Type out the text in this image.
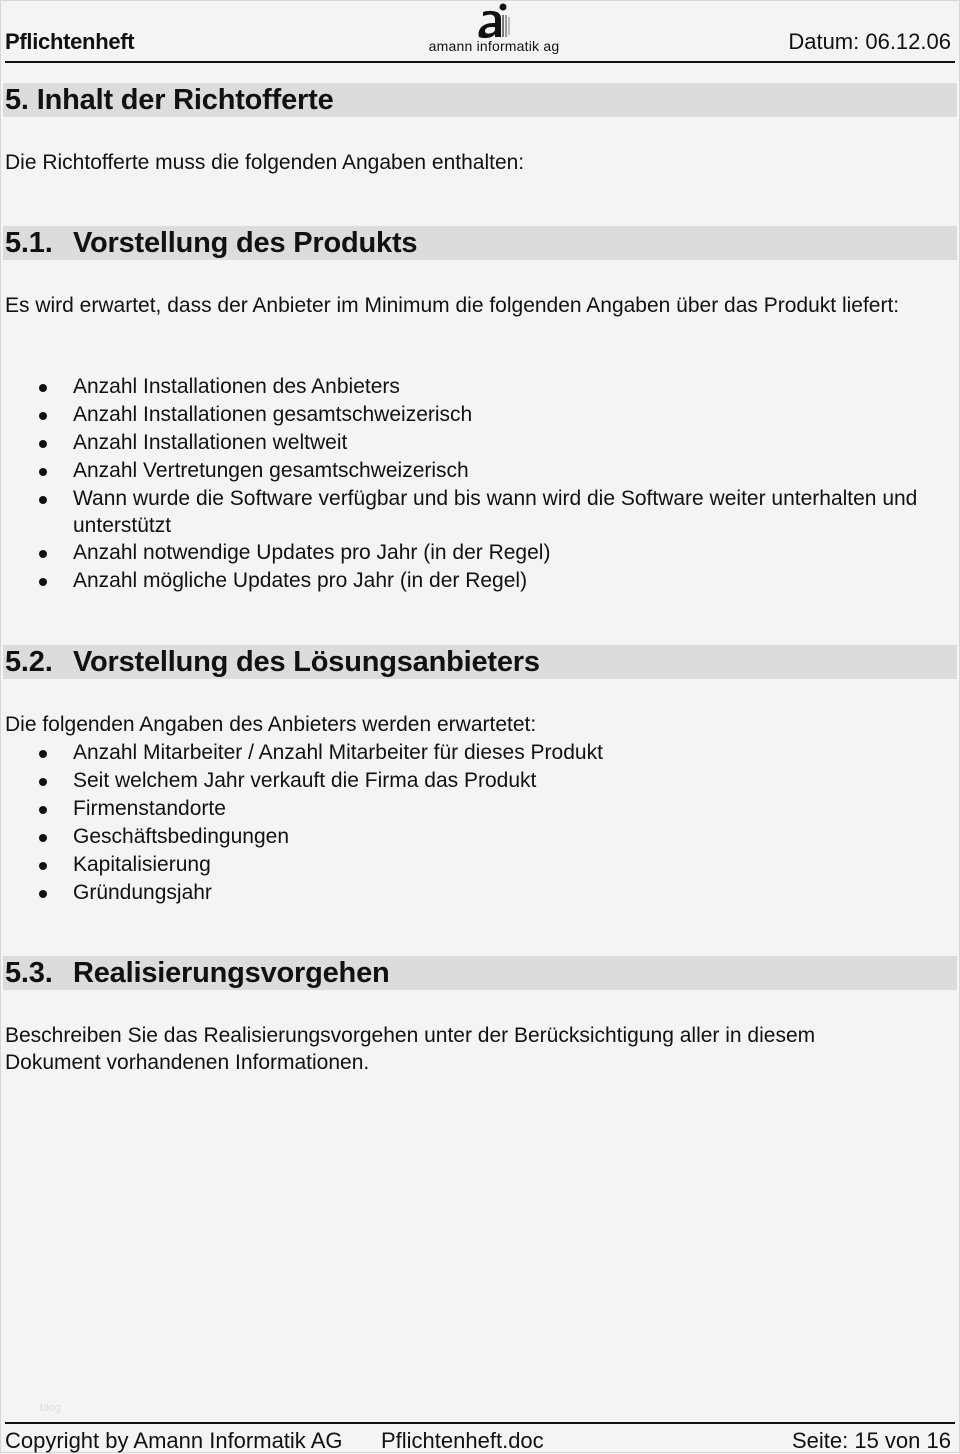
Pflichtenheft	amann informatik ag	Datum: 06.12.06
5. Inhalt der Richtofferte
Die Richtofferte muss die folgenden Angaben enthalten:
5.1. Vorstellung des Produkts
Es wird erwartet, dass der Anbieter im Minimum die folgenden Angaben über das Produkt liefert:
Anzahl Installationen des Anbieters
Anzahl Installationen gesamtschweizerisch
Anzahl Installationen weltweit
Anzahl Vertretungen gesamtschweizerisch
Wann wurde die Software verfügbar und bis wann wird die Software weiter unterhalten und unterstützt
Anzahl notwendige Updates pro Jahr (in der Regel)
Anzahl mögliche Updates pro Jahr (in der Regel)
5.2. Vorstellung des Lösungsanbieters
Die folgenden Angaben des Anbieters werden erwartetet:
Anzahl Mitarbeiter / Anzahl Mitarbeiter für dieses Produkt
Seit welchem Jahr verkauft die Firma das Produkt
Firmenstandorte
Geschäftsbedingungen
Kapitalisierung
Gründungsjahr
5.3. Realisierungsvorgehen
Beschreiben Sie das Realisierungsvorgehen unter der Berücksichtigung aller in diesem Dokument vorhandenen Informationen.
blog
Copyright by Amann Informatik AG Pflichtenheft.doc	Seite: 15 von 16
